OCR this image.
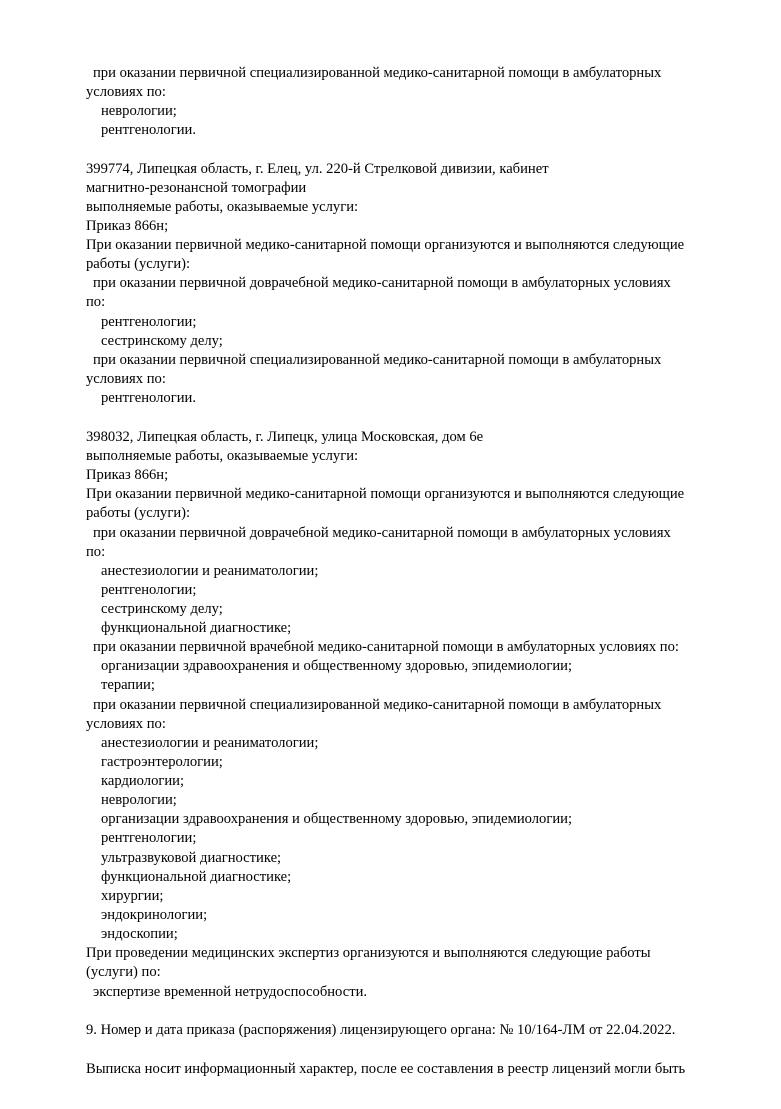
при оказании первичной специализированной медико-санитарной помощи в амбулаторных
условиях по:
неврологии;
рентгенологии.
399774, Липецкая область, г. Елец, ул. 220-й Стрелковой дивизии, кабинет
магнитно-резонансной томографии
выполняемые работы, оказываемые услуги:
Приказ 866н;
При оказании первичной медико-санитарной помощи организуются и выполняются следующие
работы (услуги):
при оказании первичной доврачебной медико-санитарной помощи в амбулаторных условиях
по:
рентгенологии;
сестринскому делу;
при оказании первичной специализированной медико-санитарной помощи в амбулаторных
условиях по:
рентгенологии.
398032, Липецкая область, г. Липецк, улица Московская, дом 6е
выполняемые работы, оказываемые услуги:
Приказ 866н;
При оказании первичной медико-санитарной помощи организуются и выполняются следующие
работы (услуги):
при оказании первичной доврачебной медико-санитарной помощи в амбулаторных условиях
по:
анестезиологии и реаниматологии;
рентгенологии;
сестринскому делу;
функциональной диагностике;
при оказании первичной врачебной медико-санитарной помощи в амбулаторных условиях по:
организации здравоохранения и общественному здоровью, эпидемиологии;
терапии;
при оказании первичной специализированной медико-санитарной помощи в амбулаторных
условиях по:
анестезиологии и реаниматологии;
гастроэнтерологии;
кардиологии;
неврологии;
организации здравоохранения и общественному здоровью, эпидемиологии;
рентгенологии;
ультразвуковой диагностике;
функциональной диагностике;
хирургии;
эндокринологии;
эндоскопии;
При проведении медицинских экспертиз организуются и выполняются следующие работы
(услуги) по:
экспертизе временной нетрудоспособности.
9. Номер и дата приказа (распоряжения) лицензирующего органа: № 10/164-ЛМ от 22.04.2022.
Выписка носит информационный характер, после ее составления в реестр лицензий могли быть
